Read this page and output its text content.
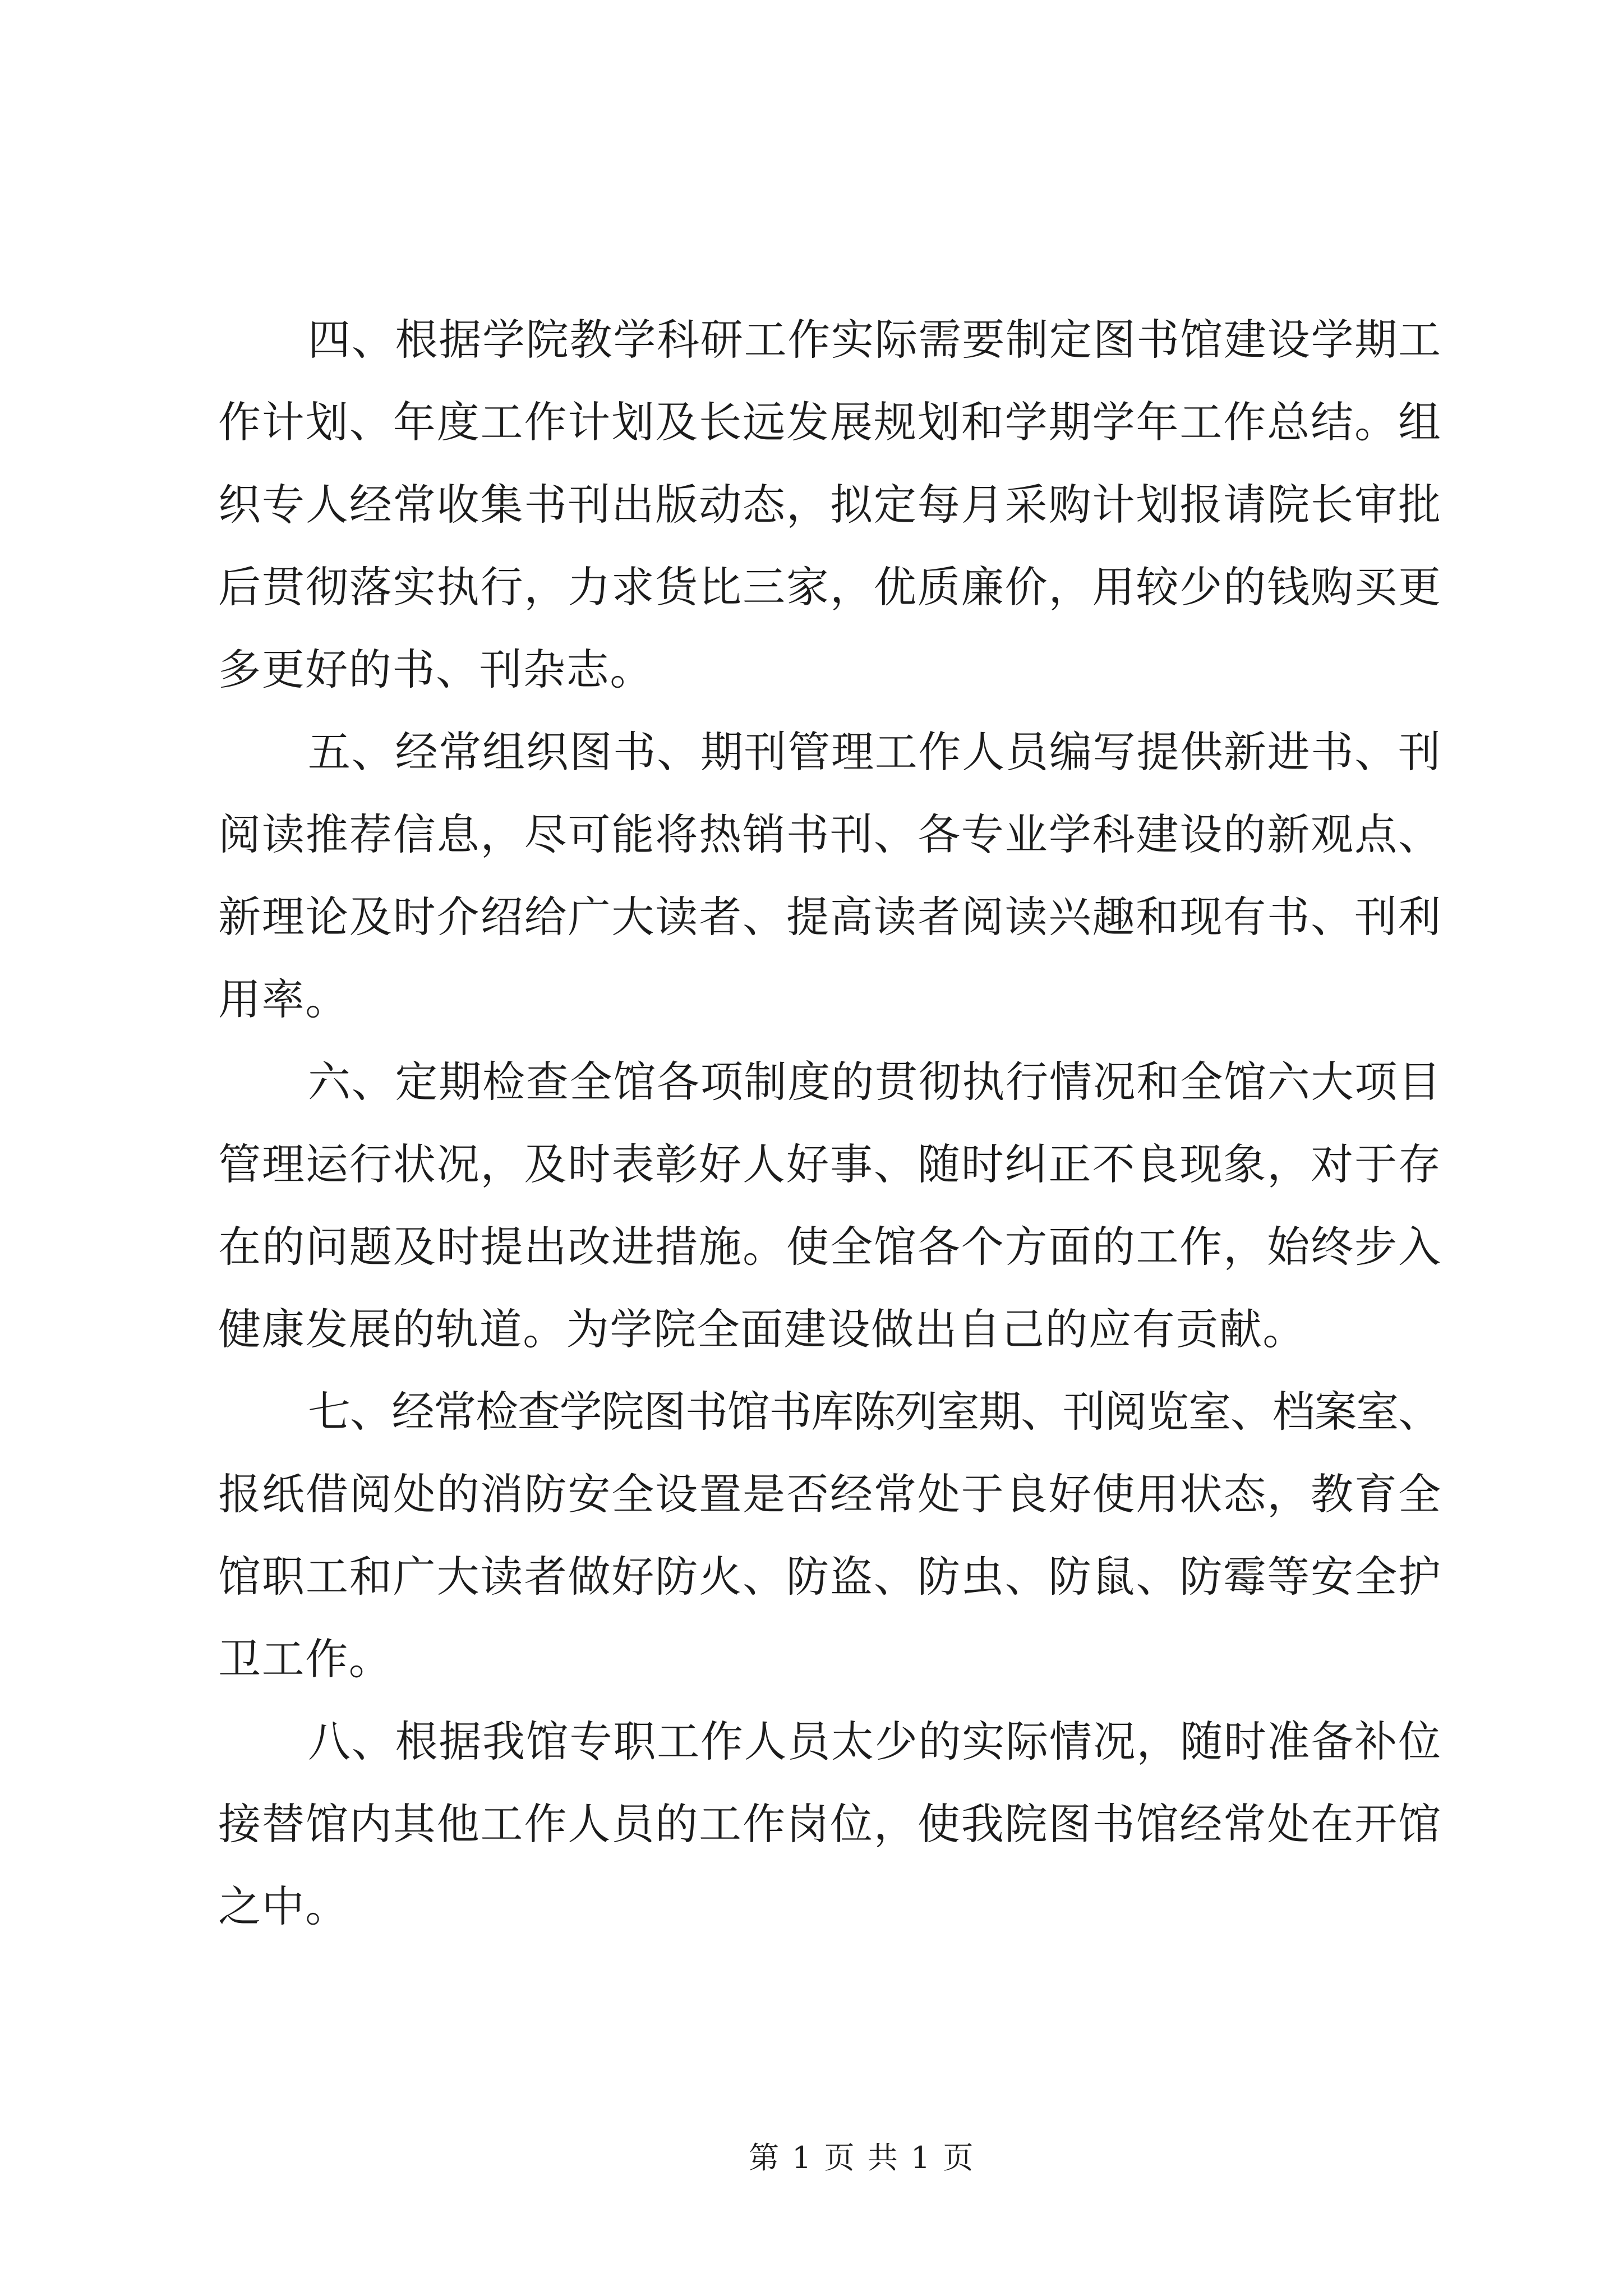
四、根据学院教学科研工作实际需要制定图书馆建设学期工
作计划、年度工作计划及长远发展规划和学期学年工作总结。组
织专人经常收集书刊出版动态，拟定每月采购计划报请院长审批
后贯彻落实执行，力求货比三家，优质廉价，用较少的钱购买更
多更好的书、刊杂志。
五、经常组织图书、期刊管理工作人员编写提供新进书、刊
阅读推荐信息，尽可能将热销书刊、各专业学科建设的新观点、
新理论及时介绍给广大读者、提高读者阅读兴趣和现有书、刊利
用率。
六、定期检查全馆各项制度的贯彻执行情况和全馆六大项目
管理运行状况，及时表彰好人好事、随时纠正不良现象，对于存
在的问题及时提出改进措施。使全馆各个方面的工作，始终步入
健康发展的轨道。为学院全面建设做出自己的应有贡献。
七、经常检查学院图书馆书库陈列室期、刊阅览室、档案室、
报纸借阅处的消防安全设置是否经常处于良好使用状态，教育全
馆职工和广大读者做好防火、防盗、防虫、防鼠、防霉等安全护
卫工作。
八、根据我馆专职工作人员太少的实际情况，随时准备补位
接替馆内其他工作人员的工作岗位，使我院图书馆经常处在开馆
之中。
第 1 页 共 1 页
